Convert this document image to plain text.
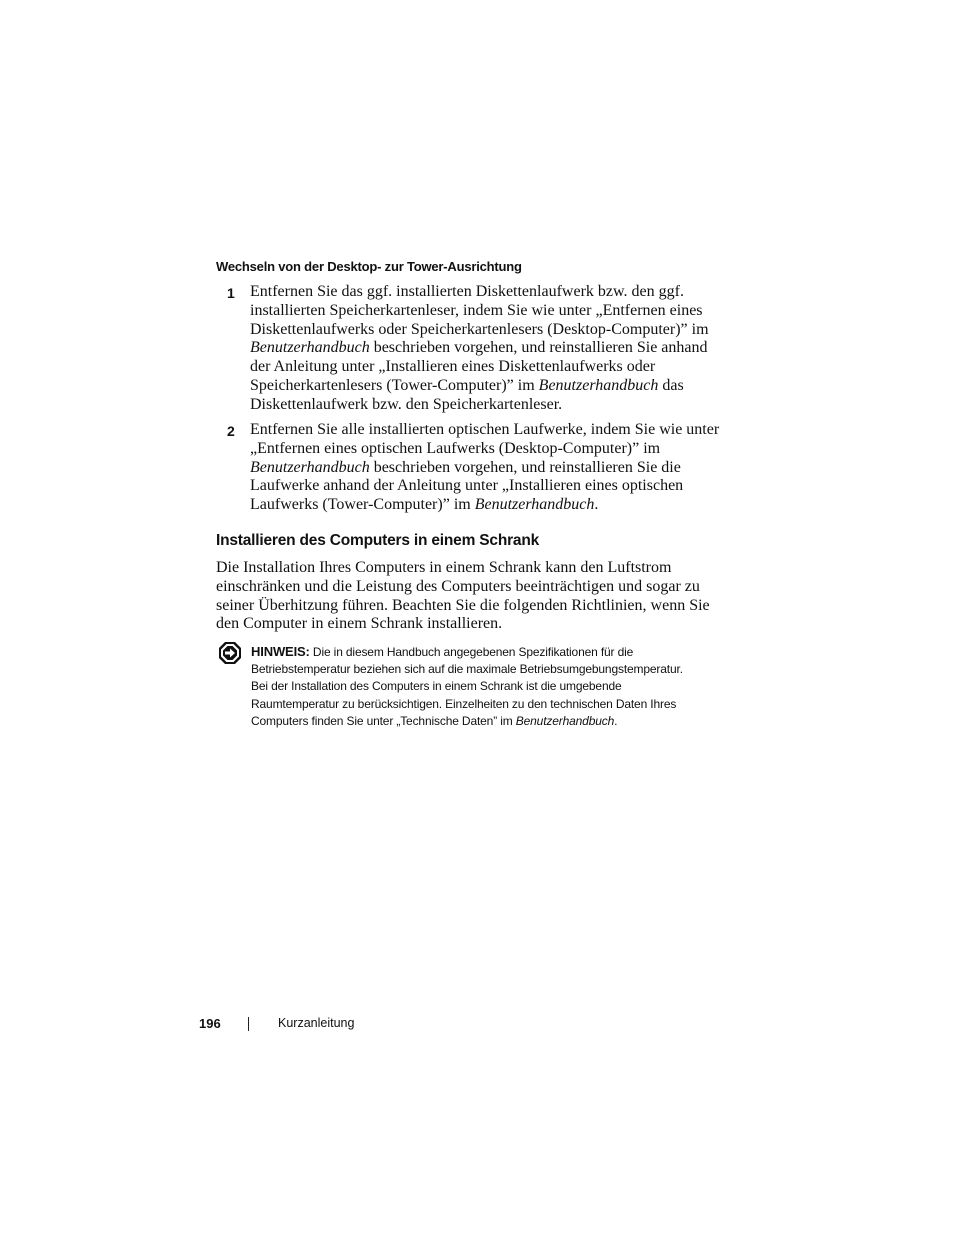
Wechseln von der Desktop- zur Tower-Ausrichtung
1 Entfernen Sie das ggf. installierten Diskettenlaufwerk bzw. den ggf.
installierten Speicherkartenleser, indem Sie wie unter „Entfernen eines
Diskettenlaufwerks oder Speicherkartenlesers (Desktop-Computer)” im
Benutzerhandbuch beschrieben vorgehen, und reinstallieren Sie anhand
der Anleitung unter „Installieren eines Diskettenlaufwerks oder
Speicherkartenlesers (Tower-Computer)” im Benutzerhandbuch das
Diskettenlaufwerk bzw. den Speicherkartenleser.
2 Entfernen Sie alle installierten optischen Laufwerke, indem Sie wie unter
„Entfernen eines optischen Laufwerks (Desktop-Computer)” im
Benutzerhandbuch beschrieben vorgehen, und reinstallieren Sie die
Laufwerke anhand der Anleitung unter „Installieren eines optischen
Laufwerks (Tower-Computer)” im Benutzerhandbuch.
Installieren des Computers in einem Schrank
Die Installation Ihres Computers in einem Schrank kann den Luftstrom
einschränken und die Leistung des Computers beeinträchtigen und sogar zu
seiner Überhitzung führen. Beachten Sie die folgenden Richtlinien, wenn Sie
den Computer in einem Schrank installieren.
HINWEIS: Die in diesem Handbuch angegebenen Spezifikationen für die
Betriebstemperatur beziehen sich auf die maximale Betriebsumgebungstemperatur.
Bei der Installation des Computers in einem Schrank ist die umgebende
Raumtemperatur zu berücksichtigen. Einzelheiten zu den technischen Daten Ihres
Computers finden Sie unter „Technische Daten” im Benutzerhandbuch.
196	Kurzanleitung
